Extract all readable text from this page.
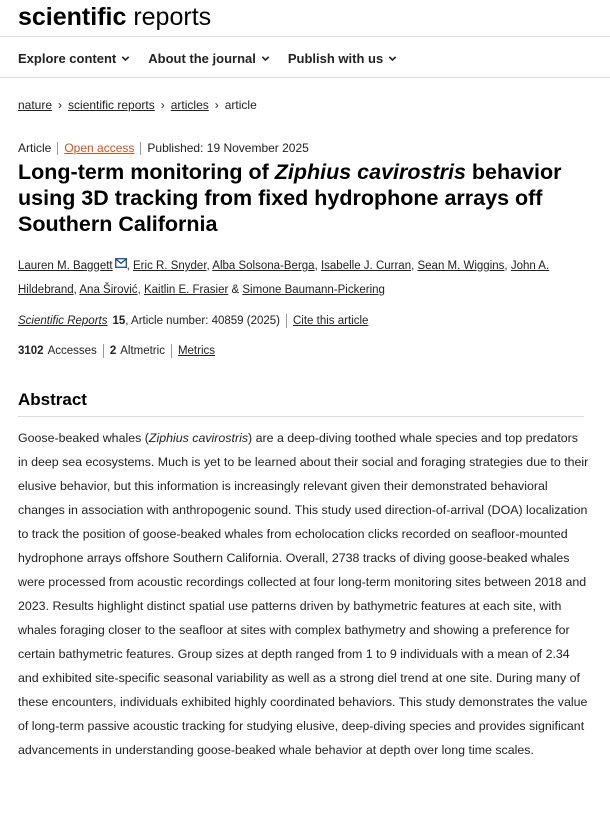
scientific reports
Explore content About the journal Publish with us
nature › scientific reports › articles › article
Article Open access Published: 19 November 2025
Long-term monitoring of Ziphius cavirostris behavior using 3D tracking from fixed hydrophone arrays off Southern California
Lauren M. Baggett , Eric R. Snyder, Alba Solsona-Berga, Isabelle J. Curran, Sean M. Wiggins, John A. Hildebrand, Ana Širović, Kaitlin E. Frasier & Simone Baumann-Pickering
Scientific Reports 15 , Article number: 40859 (2025) Cite this article
3102 Accesses 2 Altmetric Metrics
Abstract

Goose-beaked whales (Ziphius cavirostris) are a deep-diving toothed whale species and top predators in deep sea ecosystems. Much is yet to be learned about their social and foraging strategies due to their elusive behavior, but this information is increasingly relevant given their demonstrated behavioral changes in association with anthropogenic sound. This study used direction-of-arrival (DOA) localization to track the position of goose-beaked whales from echolocation clicks recorded on seafloor-mounted hydrophone arrays offshore Southern California. Overall, 2738 tracks of diving goose-beaked whales were processed from acoustic recordings collected at four long-term monitoring sites between 2018 and 2023. Results highlight distinct spatial use patterns driven by bathymetric features at each site, with whales foraging closer to the seafloor at sites with complex bathymetry and showing a preference for certain bathymetric features. Group sizes at depth ranged from 1 to 9 individuals with a mean of 2.34 and exhibited site-specific seasonal variability as well as a strong diel trend at one site. During many of these encounters, individuals exhibited highly coordinated behaviors. This study demonstrates the value of long-term passive acoustic tracking for studying elusive, deep-diving species and provides significant advancements in understanding goose-beaked whale behavior at depth over long time scales.
